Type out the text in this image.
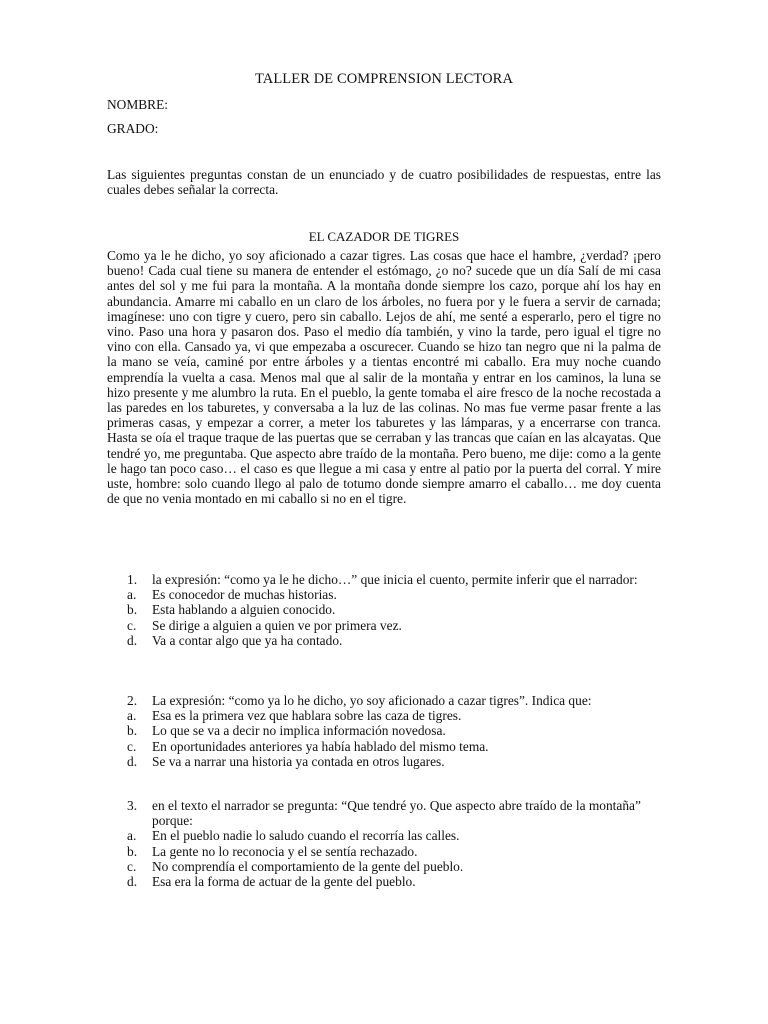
TALLER DE COMPRENSION LECTORA
NOMBRE:
GRADO:
Las siguientes preguntas constan de un enunciado y de cuatro posibilidades de respuestas, entre las cuales debes señalar la correcta.
EL CAZADOR DE TIGRES
Como ya le he dicho, yo soy aficionado a cazar tigres. Las cosas que hace el hambre, ¿verdad? ¡pero bueno! Cada cual tiene su manera de entender el estómago, ¿o no? sucede que un día Salí de mi casa antes del sol y me fui para la montaña. A la montaña donde siempre los cazo, porque ahí los hay en abundancia. Amarre mi caballo en un claro de los árboles, no fuera por y le fuera a servir de carnada; imagínese: uno con tigre y cuero, pero sin caballo. Lejos de ahí, me senté a esperarlo, pero el tigre no vino. Paso una hora y pasaron dos. Paso el medio día también, y vino la tarde, pero igual el tigre no vino con ella. Cansado ya, vi que empezaba a oscurecer. Cuando se hizo tan negro que ni la palma de la mano se veía, caminé por entre árboles y a tientas encontré mi caballo. Era muy noche cuando emprendía la vuelta a casa. Menos mal que al salir de la montaña y entrar en los caminos, la luna se hizo presente y me alumbro la ruta. En el pueblo, la gente tomaba el aire fresco de la noche recostada a las paredes en los taburetes, y conversaba a la luz de las colinas. No mas fue verme pasar frente a las primeras casas, y empezar a correr, a meter los taburetes y las lámparas, y a encerrarse con tranca. Hasta se oía el traque traque de las puertas que se cerraban y las trancas que caían en las alcayatas. Que tendré yo, me preguntaba. Que aspecto abre traído de la montaña. Pero bueno, me dije: como a la gente le hago tan poco caso… el caso es que llegue a mi casa y entre al patio por la puerta del corral. Y mire uste, hombre: solo cuando llego al palo de totumo donde siempre amarro el caballo… me doy cuenta de que no venia montado en mi caballo si no en el tigre.
1.	la expresión: “como ya le he dicho…” que inicia el cuento, permite inferir que el narrador:
a.	Es conocedor de muchas historias.
b.	Esta hablando a alguien conocido.
c.	Se dirige a alguien a quien ve por primera vez.
d.	Va a contar algo que ya ha contado.
2.	La expresión: “como ya lo he dicho, yo soy aficionado a cazar tigres”. Indica que:
a.	Esa es la primera vez que hablara sobre las caza de tigres.
b.	Lo que se va a decir no implica información novedosa.
c.	En oportunidades anteriores ya había hablado del mismo tema.
d.	Se va a narrar una historia ya contada en otros lugares.
3.	en el texto el narrador se pregunta: “Que tendré yo. Que aspecto abre traído de la montaña” porque:
a.	En el pueblo nadie lo saludo cuando el recorría las calles.
b.	La gente no lo reconocia y el se sentía rechazado.
c.	No comprendía el comportamiento de la gente del pueblo.
d.	Esa era la forma de actuar de la gente del pueblo.
